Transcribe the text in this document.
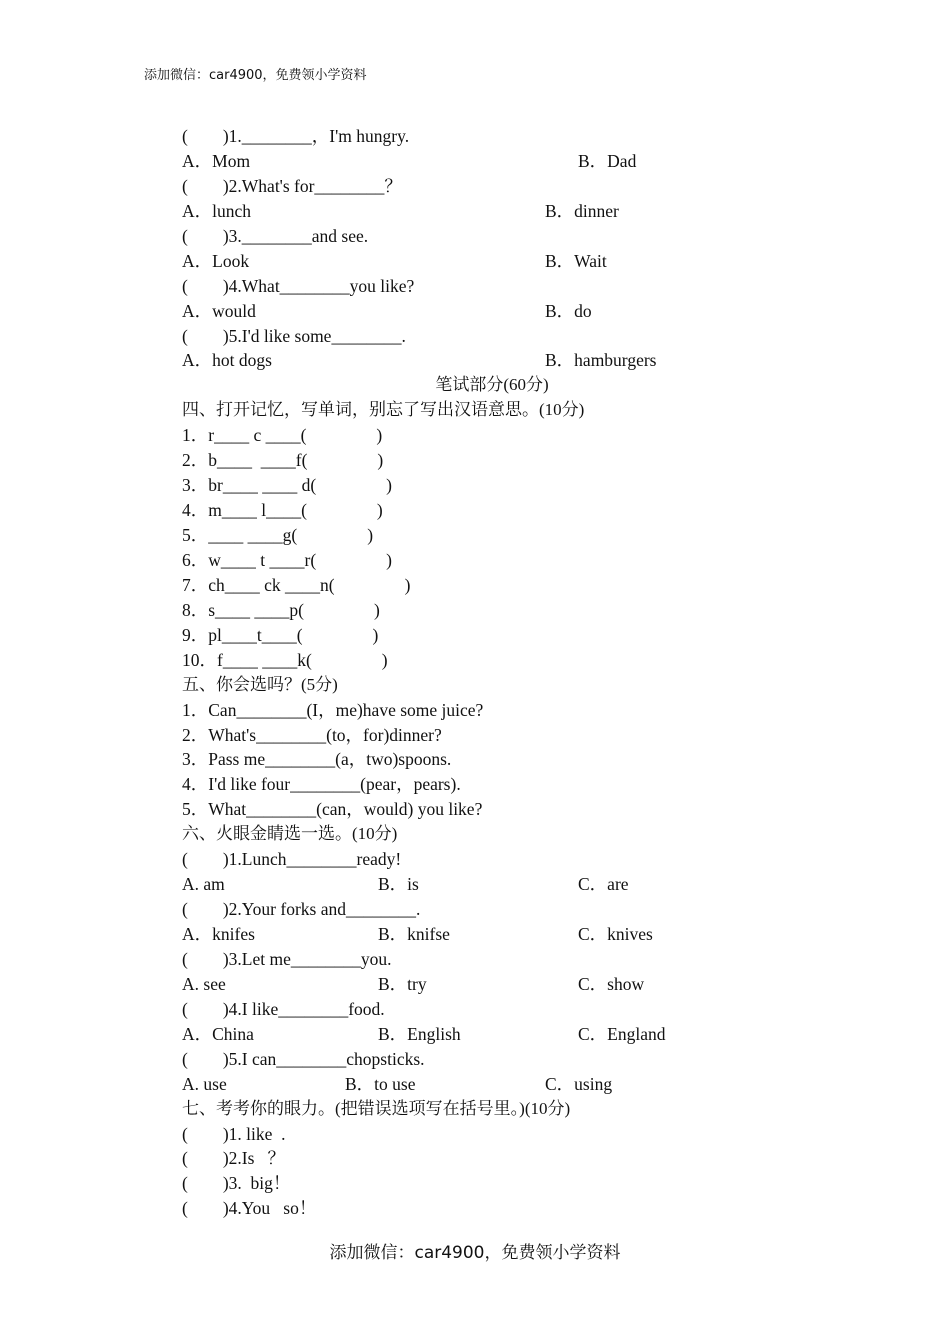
添加微信：car4900，免费领小学资料
(　　)1.________，I'm hungry.
A．Mom	B．Dad
(　　)2.What's for________？
A．lunch	B．dinner
(　　)3.________and see.
A．Look	B．Wait
(　　)4.What________you like?
A．would	B．do
(　　)5.I'd like some________.
A．hot dogs	B．hamburgers
笔试部分(60分)
四、打开记忆，写单词，别忘了写出汉语意思。(10分)
1．r____ c ____(　　　　)
2．b____  ____f(　　　　)
3．br____ ____ d(　　　　)
4．m____ l____(　　　　)
5．____ ____g(　　　　)
6．w____ t ____r(　　　　)
7．ch____ ck ____n(　　　　)
8．s____ ____p(　　　　)
9．pl____t____(　　　　)
10．f____ ____k(　　　　)
五、你会选吗？(5分)
1．Can________(I，me)have some juice?
2．What's________(to，for)dinner?
3．Pass me________(a，two)spoons.
4．I'd like four________(pear，pears).
5．What________(can，would) you like?
六、火眼金睛选一选。(10分)
(　　)1.Lunch________ready!
A. am	B．is	C．are
(　　)2.Your forks and________.
A．knifes	B．knifse	C．knives
(　　)3.Let me________you.
A. see	B．try	C．show
(　　)4.I like________food.
A．China	B．English	C．England
(　　)5.I can________chopsticks.
A. use	B．to use	C．using
七、考考你的眼力。(把错误选项写在括号里。)(10分)
(　　)1. like  .
(　　)2.Is   ？
(　　)3.  big！
(　　)4.You   so！
添加微信：car4900，免费领小学资料
